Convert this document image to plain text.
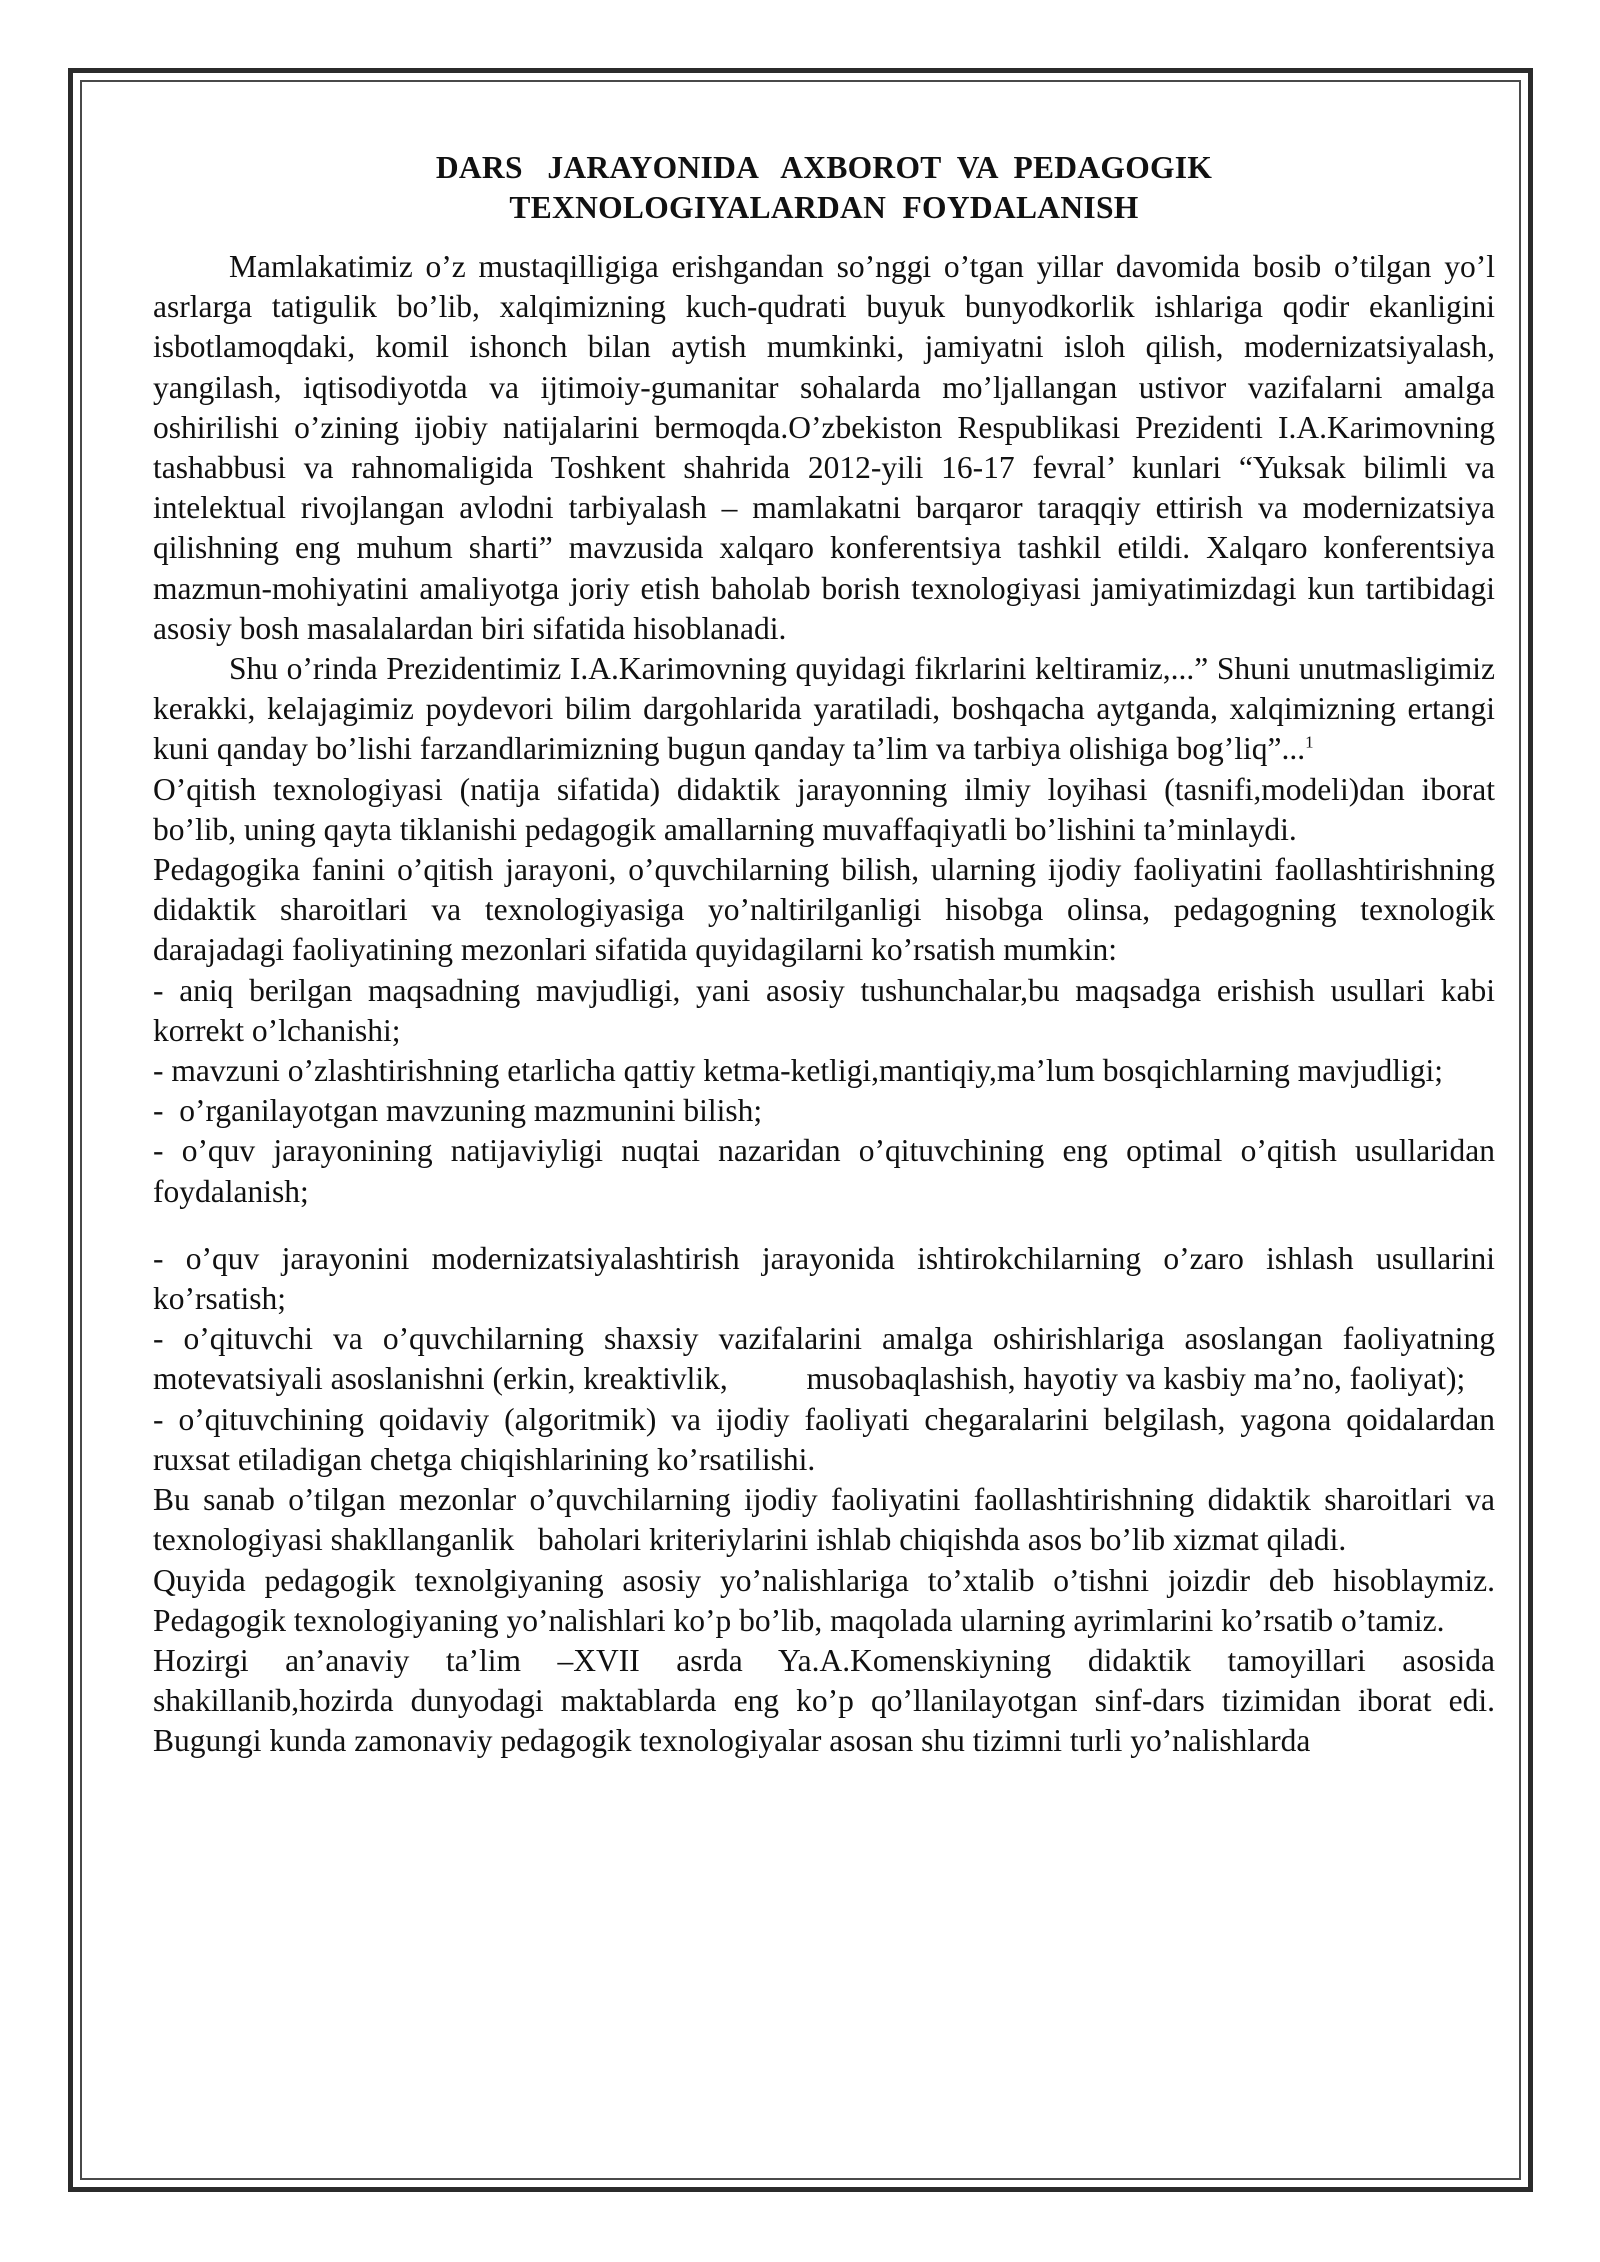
DARS   JARAYONIDA   AXBOROT  VA  PEDAGOGIK
TEXNOLOGIYALARDAN  FOYDALANISH

Mamlakatimiz o’z mustaqilligiga erishgandan so’nggi o’tgan yillar davomida bosib o’tilgan yo’l asrlarga tatigulik bo’lib, xalqimizning kuch-qudrati buyuk bunyodkorlik ishlariga qodir ekanligini isbotlamoqdaki, komil ishonch bilan aytish mumkinki, jamiyatni isloh qilish, modernizatsiyalash, yangilash, iqtisodiyotda va ijtimoiy-gumanitar sohalarda mo’ljallangan ustivor vazifalarni amalga oshirilishi o’zining ijobiy natijalarini bermoqda.O’zbekiston Respublikasi Prezidenti I.A.Karimovning tashabbusi va rahnomaligida Toshkent shahrida 2012-yili 16-17 fevral’ kunlari “Yuksak bilimli va intelektual rivojlangan avlodni tarbiyalash – mamlakatni barqaror taraqqiy ettirish va modernizatsiya qilishning eng muhum sharti” mavzusida xalqaro konferentsiya tashkil etildi. Xalqaro konferentsiya mazmun-mohiyatini amaliyotga joriy etish baholab borish texnologiyasi jamiyatimizdagi kun tartibidagi asosiy bosh masalalardan biri sifatida hisoblanadi.

Shu o’rinda Prezidentimiz I.A.Karimovning quyidagi fikrlarini keltiramiz,...” Shuni unutmasligimiz kerakki, kelajagimiz poydevori bilim dargohlarida yaratiladi, boshqacha aytganda, xalqimizning ertangi kuni qanday bo’lishi farzandlarimizning bugun qanday ta’lim va tarbiya olishiga bog’liq”...$^1$

O’qitish texnologiyasi (natija sifatida) didaktik jarayonning ilmiy loyihasi (tasnifi,modeli)dan iborat bo’lib, uning qayta tiklanishi pedagogik amallarning muvaffaqiyatli bo’lishini ta’minlaydi.

Pedagogika fanini o’qitish jarayoni, o’quvchilarning bilish, ularning ijodiy faoliyatini faollashtirishning didaktik sharoitlari va texnologiyasiga yo’naltirilganligi hisobga olinsa, pedagogning texnologik darajadagi faoliyatining mezonlari sifatida quyidagilarni ko’rsatish mumkin:

- aniq berilgan maqsadning mavjudligi, yani asosiy tushunchalar,bu maqsadga erishish usullari kabi korrekt o’lchanishi;

- mavzuni o’zlashtirishning etarlicha qattiy ketma-ketligi,mantiqiy,ma’lum bosqichlarning mavjudligi;

-  o’rganilayotgan mavzuning mazmunini bilish;

- o’quv jarayonining natijaviyligi nuqtai nazaridan o’qituvchining eng optimal o’qitish usullaridan foydalanish;

- o’quv jarayonini modernizatsiyalashtirish jarayonida ishtirokchilarning o’zaro ishlash usullarini ko’rsatish;

- o’qituvchi va o’quvchilarning shaxsiy vazifalarini amalga oshirishlariga asoslangan faoliyatning motevatsiyali asoslanishni (erkin, kreaktivlik,          musobaqlashish, hayotiy va kasbiy ma’no, faoliyat);

- o’qituvchining qoidaviy (algoritmik) va ijodiy faoliyati chegaralarini belgilash, yagona qoidalardan ruxsat etiladigan chetga chiqishlarining ko’rsatilishi.

Bu sanab o’tilgan mezonlar o’quvchilarning ijodiy faoliyatini faollashtirishning didaktik sharoitlari va texnologiyasi shakllanganlik   baholari kriteriylarini ishlab chiqishda asos bo’lib xizmat qiladi.

Quyida pedagogik texnolgiyaning asosiy yo’nalishlariga to’xtalib o’tishni joizdir deb hisoblaymiz. Pedagogik texnologiyaning yo’nalishlari ko’p bo’lib, maqolada ularning ayrimlarini ko’rsatib o’tamiz.

Hozirgi an’anaviy ta’lim –XVII asrda Ya.A.Komenskiyning didaktik tamoyillari asosida shakillanib,hozirda dunyodagi maktablarda eng ko’p qo’llanilayotgan sinf-dars tizimidan iborat edi. Bugungi kunda zamonaviy pedagogik texnologiyalar asosan shu tizimni turli yo’nalishlarda
